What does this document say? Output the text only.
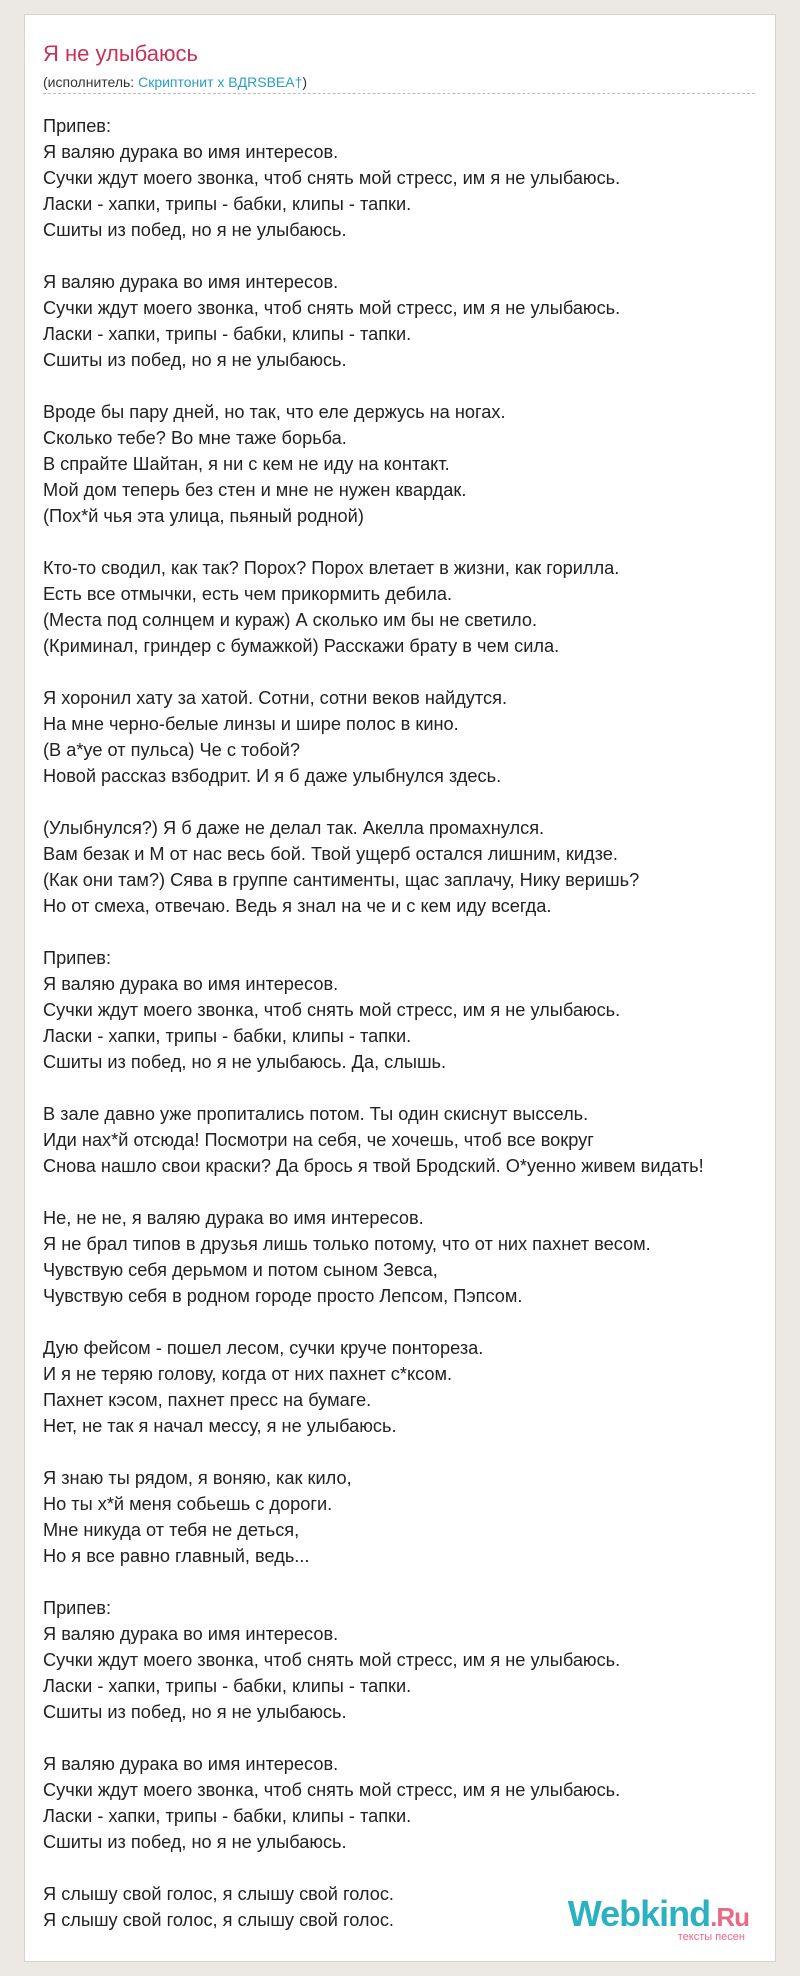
Я не улыбаюсь
(исполнитель: Скриптонит x BДRSBEA†)
Припев:
Я валяю дурака во имя интересов.
Сучки ждут моего звонка, чтоб снять мой стресс, им я не улыбаюсь.
Ласки - хапки, трипы - бабки, клипы - тапки.
Сшиты из побед, но я не улыбаюсь.
Я валяю дурака во имя интересов.
Сучки ждут моего звонка, чтоб снять мой стресс, им я не улыбаюсь.
Ласки - хапки, трипы - бабки, клипы - тапки.
Сшиты из побед, но я не улыбаюсь.
Вроде бы пару дней, но так, что еле держусь на ногах.
Сколько тебе? Во мне таже борьба.
В спрайте Шайтан, я ни с кем не иду на контакт.
Мой дом теперь без стен и мне не нужен квардак.
(Пох*й чья эта улица, пьяный родной)
Кто-то сводил, как так? Порох? Порох влетает в жизни, как горилла.
Есть все отмычки, есть чем прикормить дебила.
(Места под солнцем и кураж) А сколько им бы не светило.
(Криминал, гриндер с бумажкой) Расскажи брату в чем сила.
Я хоронил хату за хатой. Сотни, сотни веков найдутся.
На мне черно-белые линзы и шире полос в кино.
(В а*уе от пульса) Че с тобой?
Новой рассказ взбодрит. И я б даже улыбнулся здесь.
(Улыбнулся?) Я б даже не делал так. Акелла промахнулся.
Вам безак и М от нас весь бой. Твой ущерб остался лишним, кидзе.
(Как они там?) Сява в группе сантименты, щас заплачу, Нику веришь?
Но от смеха, отвечаю. Ведь я знал на че и с кем иду всегда.
Припев:
Я валяю дурака во имя интересов.
Сучки ждут моего звонка, чтоб снять мой стресс, им я не улыбаюсь.
Ласки - хапки, трипы - бабки, клипы - тапки.
Сшиты из побед, но я не улыбаюсь. Да, слышь.
В зале давно уже пропитались потом. Ты один скиснут выссель.
Иди нах*й отсюда! Посмотри на себя, че хочешь, чтоб все вокруг
Снова нашло свои краски? Да брось я твой Бродский. О*уенно живем видать!
Не, не не, я валяю дурака во имя интересов.
Я не брал типов в друзья лишь только потому, что от них пахнет весом.
Чувствую себя дерьмом и потом сыном Зевса,
Чувствую себя в родном городе просто Лепсом, Пэпсом.
Дую фейсом - пошел лесом, сучки круче понтореза.
И я не теряю голову, когда от них пахнет с*ксом.
Пахнет кэсом, пахнет пресс на бумаге.
Нет, не так я начал мессу, я не улыбаюсь.
Я знаю ты рядом, я воняю, как кило,
Но ты х*й меня собьешь с дороги.
Мне никуда от тебя не деться,
Но я все равно главный, ведь...
Припев:
Я валяю дурака во имя интересов.
Сучки ждут моего звонка, чтоб снять мой стресс, им я не улыбаюсь.
Ласки - хапки, трипы - бабки, клипы - тапки.
Сшиты из побед, но я не улыбаюсь.
Я валяю дурака во имя интересов.
Сучки ждут моего звонка, чтоб снять мой стресс, им я не улыбаюсь.
Ласки - хапки, трипы - бабки, клипы - тапки.
Сшиты из побед, но я не улыбаюсь.
Я слышу свой голос, я слышу свой голос.
Я слышу свой голос, я слышу свой голос.	Webkind.Ru
тексты песен
